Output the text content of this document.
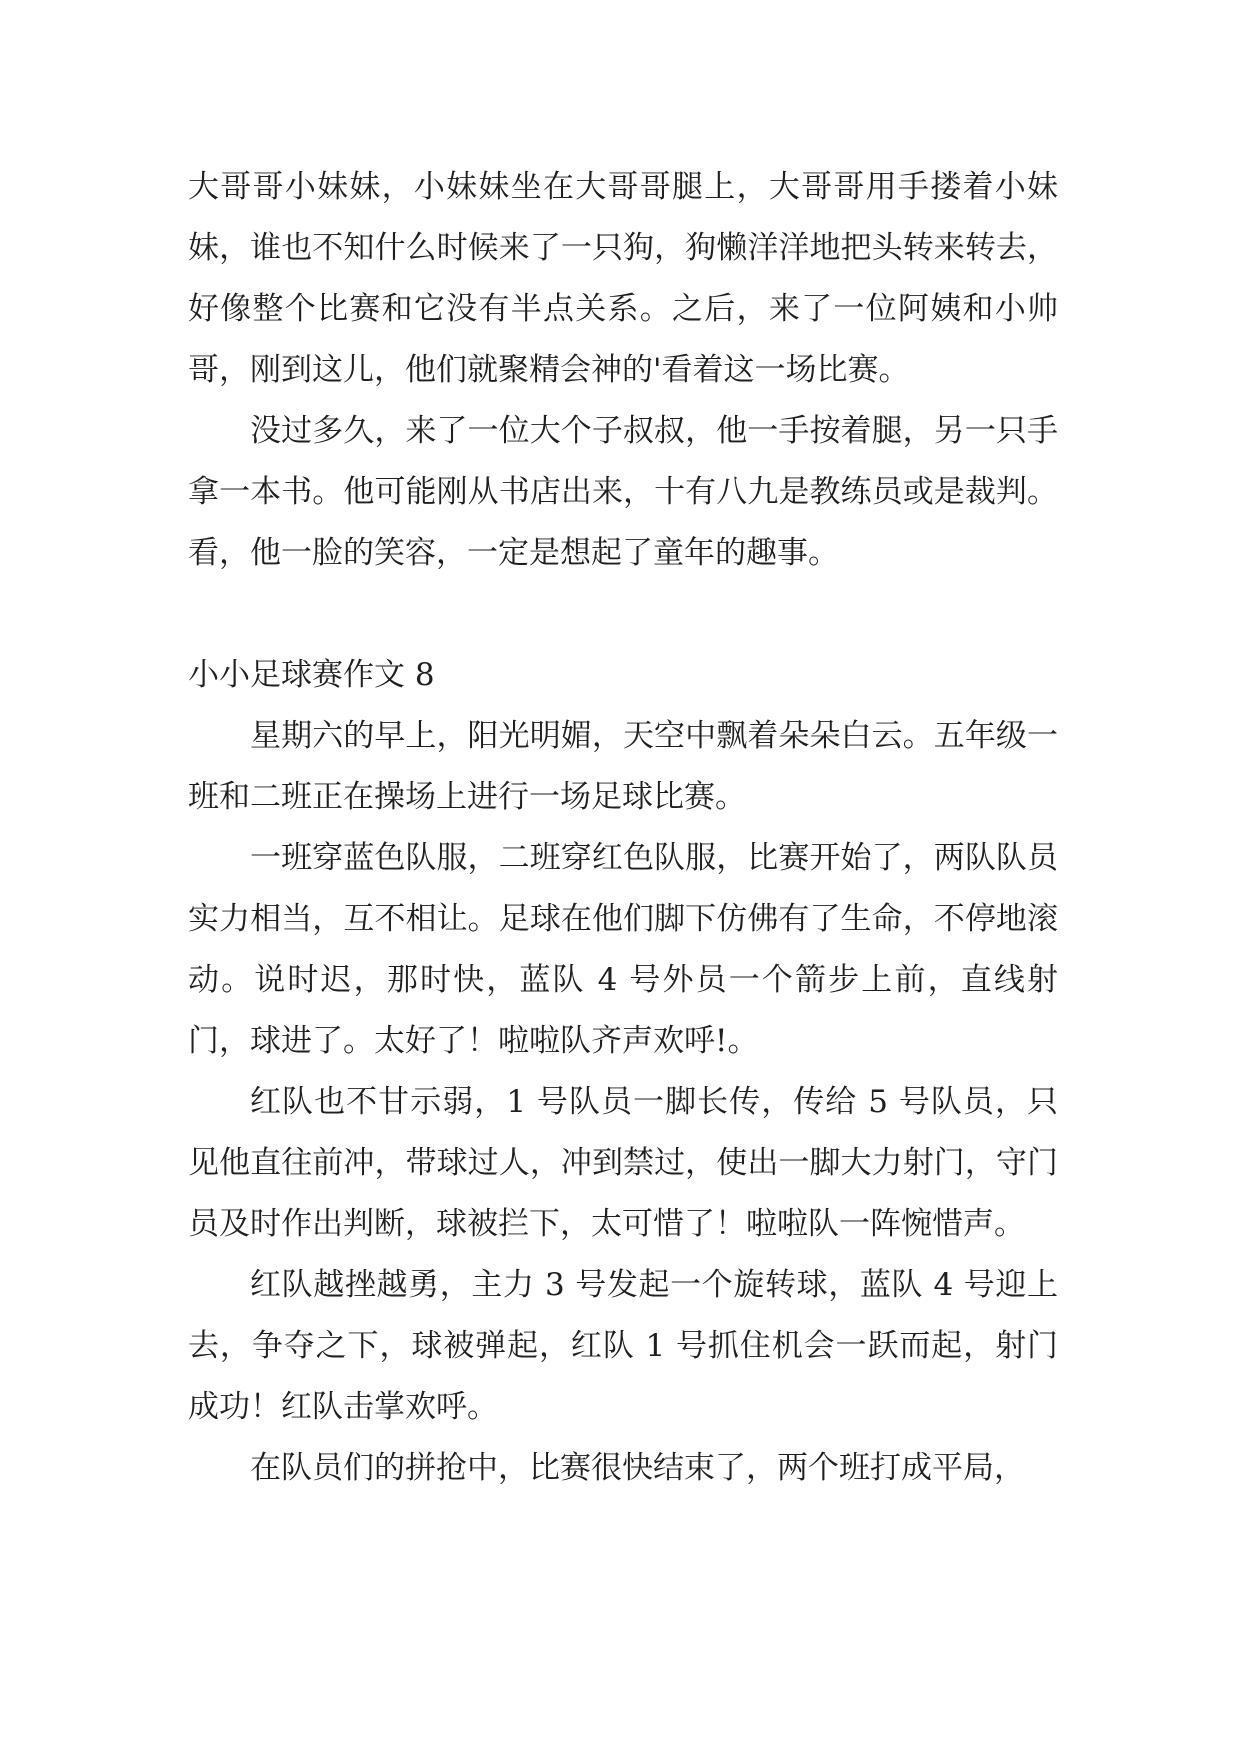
大哥哥小妹妹，小妹妹坐在大哥哥腿上，大哥哥用手搂着小妹妹，谁也不知什么时候来了一只狗，狗懒洋洋地把头转来转去，好像整个比赛和它没有半点关系。之后，来了一位阿姨和小帅哥，刚到这儿，他们就聚精会神的'看着这一场比赛。

没过多久，来了一位大个子叔叔，他一手按着腿，另一只手拿一本书。他可能刚从书店出来，十有八九是教练员或是裁判。看，他一脸的笑容，一定是想起了童年的趣事。

小小足球赛作文 8

星期六的早上，阳光明媚，天空中飘着朵朵白云。五年级一班和二班正在操场上进行一场足球比赛。

一班穿蓝色队服，二班穿红色队服，比赛开始了，两队队员实力相当，互不相让。足球在他们脚下仿佛有了生命，不停地滚动。说时迟，那时快，蓝队 4 号外员一个箭步上前，直线射门，球进了。太好了！啦啦队齐声欢呼!。

红队也不甘示弱，1 号队员一脚长传，传给 5 号队员，只见他直往前冲，带球过人，冲到禁过，使出一脚大力射门，守门员及时作出判断，球被拦下，太可惜了！啦啦队一阵惋惜声。

红队越挫越勇，主力 3 号发起一个旋转球，蓝队 4 号迎上去，争夺之下，球被弹起，红队 1 号抓住机会一跃而起，射门成功！红队击掌欢呼。

在队员们的拼抢中，比赛很快结束了，两个班打成平局，
